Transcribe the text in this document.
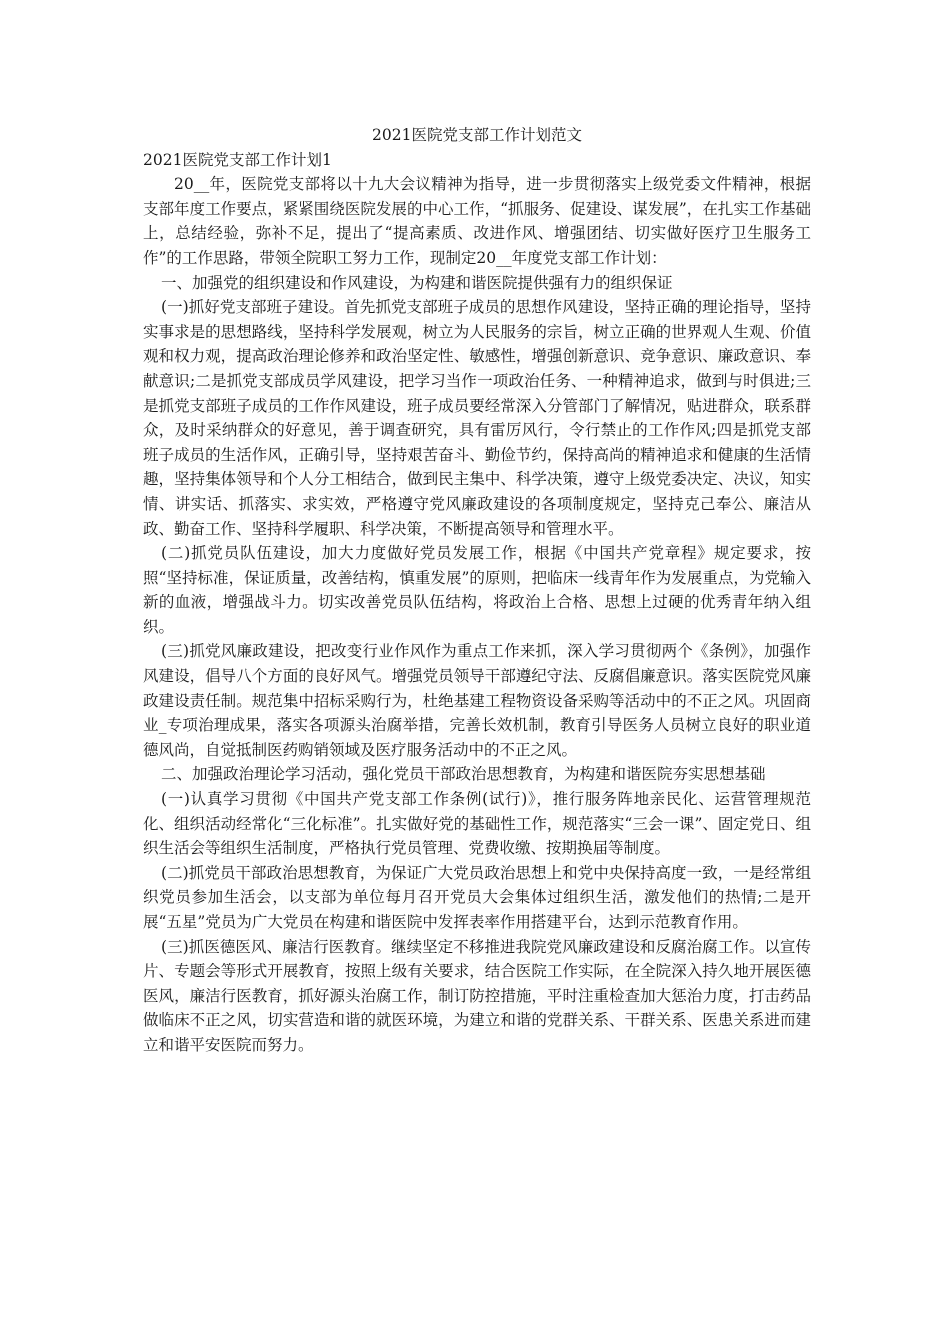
2021医院党支部工作计划范文

2021医院党支部工作计划1

20__年，医院党支部将以十九大会议精神为指导，进一步贯彻落实上级党委文件精神，根据支部年度工作要点，紧紧围绕医院发展的中心工作，“抓服务、促建设、谋发展”，在扎实工作基础上，总结经验，弥补不足，提出了“提高素质、改进作风、增强团结、切实做好医疗卫生服务工作”的工作思路，带领全院职工努力工作，现制定20__年度党支部工作计划：

一、加强党的组织建设和作风建设，为构建和谐医院提供强有力的组织保证

(一)抓好党支部班子建设。首先抓党支部班子成员的思想作风建设，坚持正确的理论指导，坚持实事求是的思想路线，坚持科学发展观，树立为人民服务的宗旨，树立正确的世界观人生观、价值观和权力观，提高政治理论修养和政治坚定性、敏感性，增强创新意识、竞争意识、廉政意识、奉献意识;二是抓党支部成员学风建设，把学习当作一项政治任务、一种精神追求，做到与时俱进;三是抓党支部班子成员的工作作风建设，班子成员要经常深入分管部门了解情况，贴进群众，联系群众，及时采纳群众的好意见，善于调查研究，具有雷厉风行，令行禁止的工作作风;四是抓党支部班子成员的生活作风，正确引导，坚持艰苦奋斗、勤俭节约，保持高尚的精神追求和健康的生活情趣，坚持集体领导和个人分工相结合，做到民主集中、科学决策，遵守上级党委决定、决议，知实情、讲实话、抓落实、求实效，严格遵守党风廉政建设的各项制度规定，坚持克己奉公、廉洁从政、勤奋工作、坚持科学履职、科学决策，不断提高领导和管理水平。

(二)抓党员队伍建设，加大力度做好党员发展工作，根据《中国共产党章程》规定要求，按照“坚持标准，保证质量，改善结构，慎重发展”的原则，把临床一线青年作为发展重点，为党输入新的血液，增强战斗力。切实改善党员队伍结构，将政治上合格、思想上过硬的优秀青年纳入组织。

(三)抓党风廉政建设，把改变行业作风作为重点工作来抓，深入学习贯彻两个《条例》，加强作风建设，倡导八个方面的良好风气。增强党员领导干部遵纪守法、反腐倡廉意识。落实医院党风廉政建设责任制。规范集中招标采购行为，杜绝基建工程物资设备采购等活动中的不正之风。巩固商业_专项治理成果，落实各项源头治腐举措，完善长效机制，教育引导医务人员树立良好的职业道德风尚，自觉抵制医药购销领域及医疗服务活动中的不正之风。

二、加强政治理论学习活动，强化党员干部政治思想教育，为构建和谐医院夯实思想基础

(一)认真学习贯彻《中国共产党支部工作条例(试行)》，推行服务阵地亲民化、运营管理规范化、组织活动经常化“三化标准”。扎实做好党的基础性工作，规范落实“三会一课”、固定党日、组织生活会等组织生活制度，严格执行党员管理、党费收缴、按期换届等制度。

(二)抓党员干部政治思想教育，为保证广大党员政治思想上和党中央保持高度一致，一是经常组织党员参加生活会，以支部为单位每月召开党员大会集体过组织生活，激发他们的热情;二是开展“五星”党员为广大党员在构建和谐医院中发挥表率作用搭建平台，达到示范教育作用。

(三)抓医德医风、廉洁行医教育。继续坚定不移推进我院党风廉政建设和反腐治腐工作。以宣传片、专题会等形式开展教育，按照上级有关要求，结合医院工作实际，在全院深入持久地开展医德医风，廉洁行医教育，抓好源头治腐工作，制订防控措施，平时注重检查加大惩治力度，打击药品做临床不正之风，切实营造和谐的就医环境，为建立和谐的党群关系、干群关系、医患关系进而建立和谐平安医院而努力。
